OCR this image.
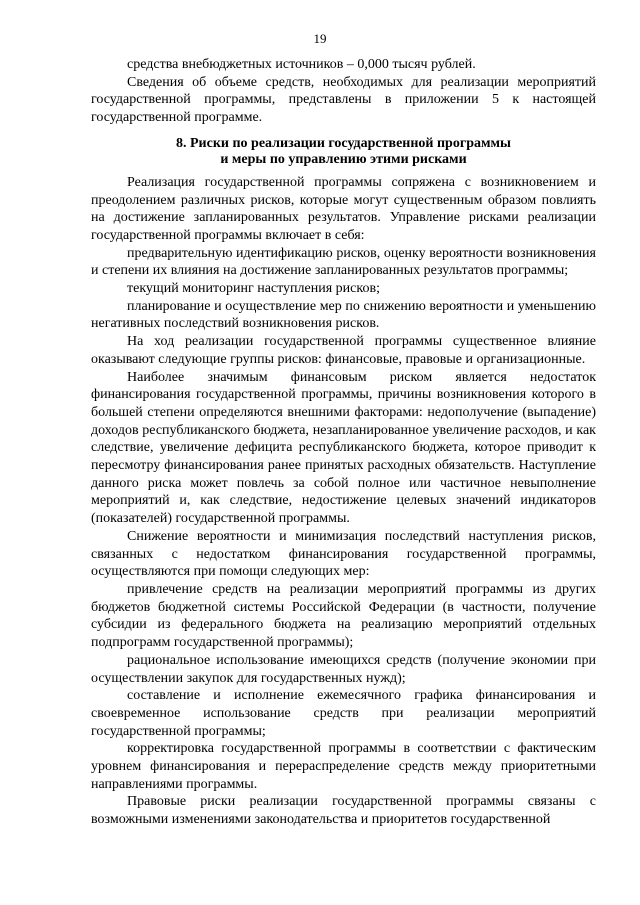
19

средства внебюджетных источников – 0,000 тысяч рублей.

Сведения об объеме средств, необходимых для реализации мероприятий государственной программы, представлены в приложении 5 к настоящей государственной программе.

8. Риски по реализации государственной программы
и меры по управлению этими рисками

Реализация государственной программы сопряжена с возникновением и преодолением различных рисков, которые могут существенным образом повлиять на достижение запланированных результатов. Управление рисками реализации государственной программы включает в себя:

предварительную идентификацию рисков, оценку вероятности возникновения и степени их влияния на достижение запланированных результатов программы;

текущий мониторинг наступления рисков;

планирование и осуществление мер по снижению вероятности и уменьшению негативных последствий возникновения рисков.

На ход реализации государственной программы существенное влияние оказывают следующие группы рисков: финансовые, правовые и организационные.

Наиболее значимым финансовым риском является недостаток финансирования государственной программы, причины возникновения которого в большей степени определяются внешними факторами: недополучение (выпадение) доходов республиканского бюджета, незапланированное увеличение расходов, и как следствие, увеличение дефицита республиканского бюджета, которое приводит к пересмотру финансирования ранее принятых расходных обязательств. Наступление данного риска может повлечь за собой полное или частичное невыполнение мероприятий и, как следствие, недостижение целевых значений индикаторов (показателей) государственной программы.

Снижение вероятности и минимизация последствий наступления рисков, связанных с недостатком финансирования государственной программы, осуществляются при помощи следующих мер:

привлечение средств на реализации мероприятий программы из других бюджетов бюджетной системы Российской Федерации (в частности, получение субсидии из федерального бюджета на реализацию мероприятий отдельных подпрограмм государственной программы);

рациональное использование имеющихся средств (получение экономии при осуществлении закупок для государственных нужд);

составление и исполнение ежемесячного графика финансирования и своевременное использование средств при реализации мероприятий государственной программы;

корректировка государственной программы в соответствии с фактическим уровнем финансирования и перераспределение средств между приоритетными направлениями программы.

Правовые риски реализации государственной программы связаны с возможными изменениями законодательства и приоритетов государственной
